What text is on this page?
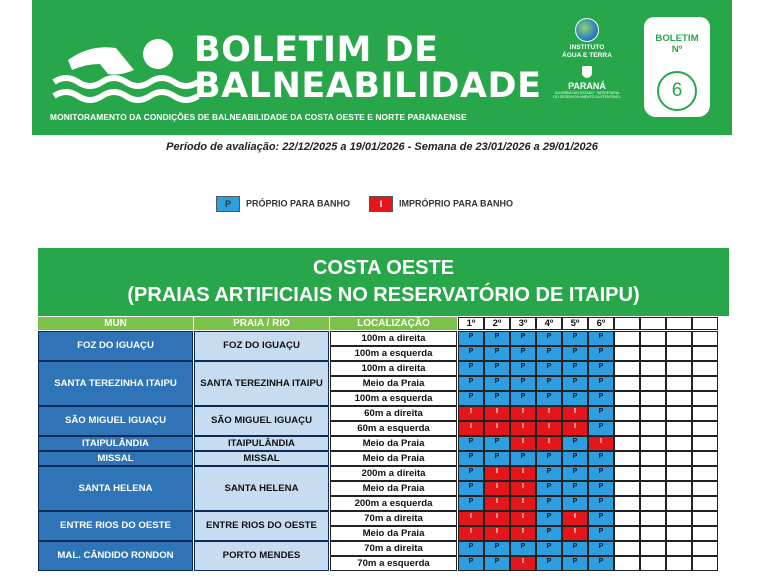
BOLETIM DE
BALNEABILIDADE
MONITORAMENTO DA CONDIÇÕES DE BALNEABILIDADE DA COSTA OESTE E NORTE PARANAENSE
INSTITUTO
ÁGUA E TERRA
PARANÁ
GOVERNO DO ESTADO · SECRETARIA DO DESENVOLVIMENTO SUSTENTÁVEL
BOLETIM
Nº
6
Período de avaliação: 22/12/2025 a 19/01/2026 - Semana de 23/01/2026 a 29/01/2026
P PRÓPRIO PARA BANHO	I IMPRÓPRIO PARA BANHO
COSTA OESTE
(PRAIAS ARTIFICIAIS NO RESERVATÓRIO DE ITAIPU)
MUN	PRAIA / RIO	LOCALIZAÇÃO	1º	2º	3º	4º	5º	6º
FOZ DO IGUAÇU	FOZ DO IGUAÇU
100m a direita	P	P	P	P	P	P
100m a esquerda	P	P	P	P	P	P
SANTA TEREZINHA ITAIPU	SANTA TEREZINHA ITAIPU
100m a direita	P	P	P	P	P	P
Meio da Praia	P	P	P	P	P	P
100m a esquerda	P	P	P	P	P	P
SÃO MIGUEL IGUAÇU	SÃO MIGUEL IGUAÇU
60m a direita	I	I	I	I	I	P
60m a esquerda	I	I	I	I	I	P
ITAIPULÂNDIA	ITAIPULÂNDIA	Meio da Praia	P	P	I	I	P	I
MISSAL	MISSAL	Meio da Praia	P	P	P	P	P	P
SANTA HELENA	SANTA HELENA
200m a direita	P	I	I	P	P	P
Meio da Praia	P	I	I	P	P	P
200m a esquerda	P	I	I	P	P	P
ENTRE RIOS DO OESTE	ENTRE RIOS DO OESTE
70m a direita	I	I	I	P	I	P
Meio da Praia	I	I	I	P	I	P
MAL. CÂNDIDO RONDON	PORTO MENDES
70m a direita	P	P	P	P	P	P
70m a esquerda	P	P	I	P	P	P
